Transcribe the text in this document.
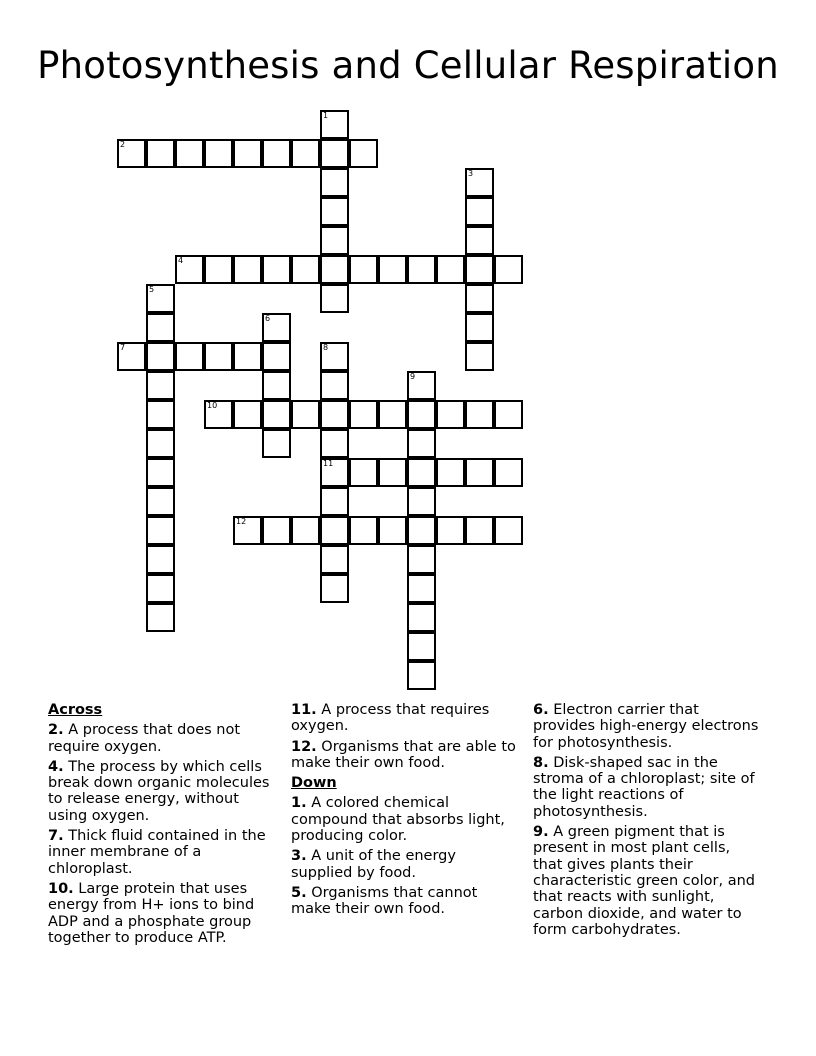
Photosynthesis and Cellular Respiration
1
2
3
4
5
6
7	8
11
9
10
12
Across
2. A process that does not require oxygen.
4. The process by which cells break down organic molecules to release energy, without using oxygen.
7. Thick fluid contained in the inner membrane of a chloroplast.
10. Large protein that uses energy from H+ ions to bind ADP and a phosphate group together to produce ATP.
11. A process that requires oxygen.
12. Organisms that are able to make their own food.
Down
1. A colored chemical compound that absorbs light, producing color.
3. A unit of the energy supplied by food.
5. Organisms that cannot make their own food.
6. Electron carrier that provides high-energy electrons for photosynthesis.
8. Disk-shaped sac in the stroma of a chloroplast; site of the light reactions of photosynthesis.
9. A green pigment that is present in most plant cells, that gives plants their characteristic green color, and that reacts with sunlight, carbon dioxide, and water to form carbohydrates.
